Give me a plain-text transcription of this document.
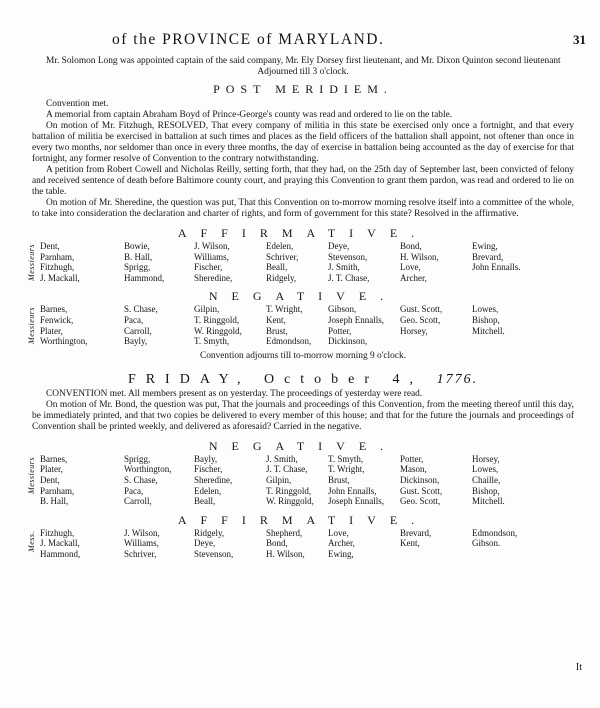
of the PROVINCE of MARYLAND.	31

Mr. Solomon Long was appointed captain of the said company, Mr. Ely Dorsey first lieutenant, and Mr. Dixon Quinton second lieutenant

Adjourned till 3 o'clock.

POST MERIDIEM.

Convention met.

A memorial from captain Abraham Boyd of Prince-George's county was read and ordered to lie on the table.

On motion of Mr. Fitzhugh, RESOLVED, That every company of militia in this state be exercised only once a fortnight, and that every battalion of militia be exercised in battalion at such times and places as the field officers of the battalion shall appoint, not oftener than once in every two months, nor seldomer than once in every three months, the day of exercise in battalion being accounted as the day of exercise for that fortnight, any former resolve of Convention to the contrary notwithstanding.

A petition from Robert Cowell and Nicholas Reilly, setting forth, that they had, on the 25th day of September last, been convicted of felony and received sentence of death before Baltimore county court, and praying this Convention to grant them pardon, was read and ordered to lie on the table.

On motion of Mr. Sheredine, the question was put, That this Convention on to-morrow morning resolve itself into a committee of the whole, to take into consideration the declaration and charter of rights, and form of government for this state? Resolved in the affirmative.

AFFIRMATIVE.
Messieurs Dent,	Bowie,	J. Wilson,	Edelen,	Deye,	Bond,	Ewing,
Parnham,	B. Hall,	Williams,	Schriver,	Stevenson,	H. Wilson,	Brevard,
Fitzhugh,	Sprigg,	Fischer,	Beall,	J. Smith,	Love,	John Ennalls.
J. Mackall,	Hammond,	Sheredine,	Ridgely,	J. T. Chase,	Archer,
NEGATIVE.
Messieurs Barnes,	S. Chase,	Gilpin,	T. Wright,	Gibson,	Gust. Scott,	Lowes,
Fenwick,	Paca,	T. Ringgold,	Kent,	Joseph Ennalls,	Geo. Scott,	Bishop,
Plater,	Carroll,	W. Ringgold,	Brust,	Potter,	Horsey,	Mitchell.
Worthington,	Bayly,	T. Smyth,	Edmondson,	Dickinson,

Convention adjourns till to-morrow morning 9 o'clock.

FRIDAY, October 4, 1776.

CONVENTION met. All members present as on yesterday. The proceedings of yesterday were read.

On motion of Mr. Bond, the question was put, That the journals and proceedings of this Convention, from the meeting thereof until this day, be immediately printed, and that two copies be delivered to every member of this house; and that for the future the journals and proceedings of Convention shall be printed weekly, and delivered as aforesaid? Carried in the negative.

NEGATIVE.
Messieurs Barnes,	Sprigg,	Bayly,	J. Smith,	T. Smyth,	Potter,	Horsey,
Plater,	Worthington,	Fischer,	J. T. Chase,	T. Wright,	Mason,	Lowes,
Dent,	S. Chase,	Sheredine,	Gilpin,	Brust,	Dickinson,	Chaille,
Parnham,	Paca,	Edelen,	T. Ringgold,	John Ennalls,	Gust. Scott,	Bishop,
B. Hall,	Carroll,	Beall,	W. Ringgold,	Joseph Ennalls,	Geo. Scott,	Mitchell.
AFFIRMATIVE.
Mess. Fitzhugh,	J. Wilson,	Ridgely,	Shepherd,	Love,	Brevard,	Edmondson,
J. Mackall,	Williams,	Deye,	Bond,	Archer,	Kent,	Gibson.
Hammond,	Schriver,	Stevenson,	H. Wilson,	Ewing,
It
